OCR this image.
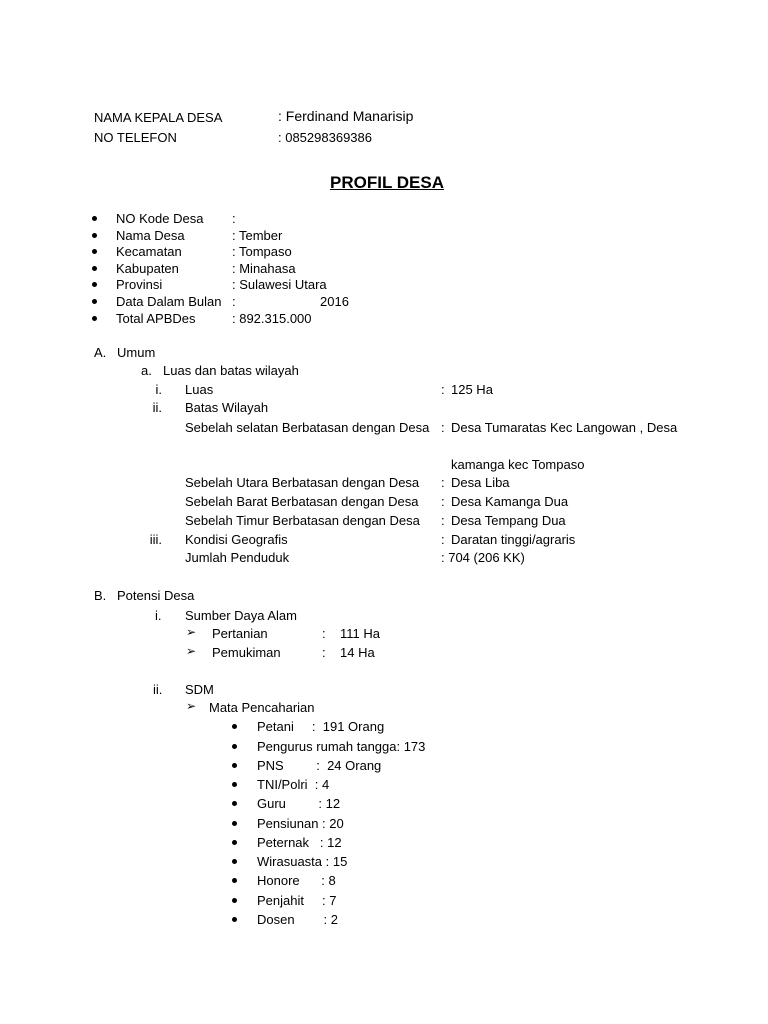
NAMA KEPALA DESA	: Ferdinand Manarisip
NO TELEFON	: 085298369386
PROFIL DESA
NO Kode Desa :
Nama Desa	: Tember
Kecamatan	: Tompaso
Kabupaten	: Minahasa
Provinsi	: Sulawesi Utara
Data Dalam Bulan :	2016
Total APBDes	: 892.315.000
A. Umum
a. Luas dan batas wilayah
i. Luas	: 125 Ha
ii. Batas Wilayah
Sebelah selatan Berbatasan dengan Desa : Desa Tumaratas Kec Langowan , Desa
kamanga kec Tompaso
Sebelah Utara Berbatasan dengan Desa : Desa Liba
Sebelah Barat Berbatasan dengan Desa : Desa Kamanga Dua
Sebelah Timur Berbatasan dengan Desa : Desa Tempang Dua
iii. Kondisi Geografis	: Daratan tinggi/agraris
Jumlah Penduduk	: 704 (206 KK)
B. Potensi Desa
i. Sumber Daya Alam
➢ Pertanian	: 111 Ha
➢ Pemukiman	: 14 Ha
ii. SDM
➢ Mata Pencaharian
Petani     :  191 Orang
Pengurus rumah tangga: 173
PNS         :  24 Orang
TNI/Polri  : 4
Guru         : 12
Pensiunan : 20
Peternak   : 12
Wirasuasta : 15
Honore      : 8
Penjahit     : 7
Dosen        : 2
